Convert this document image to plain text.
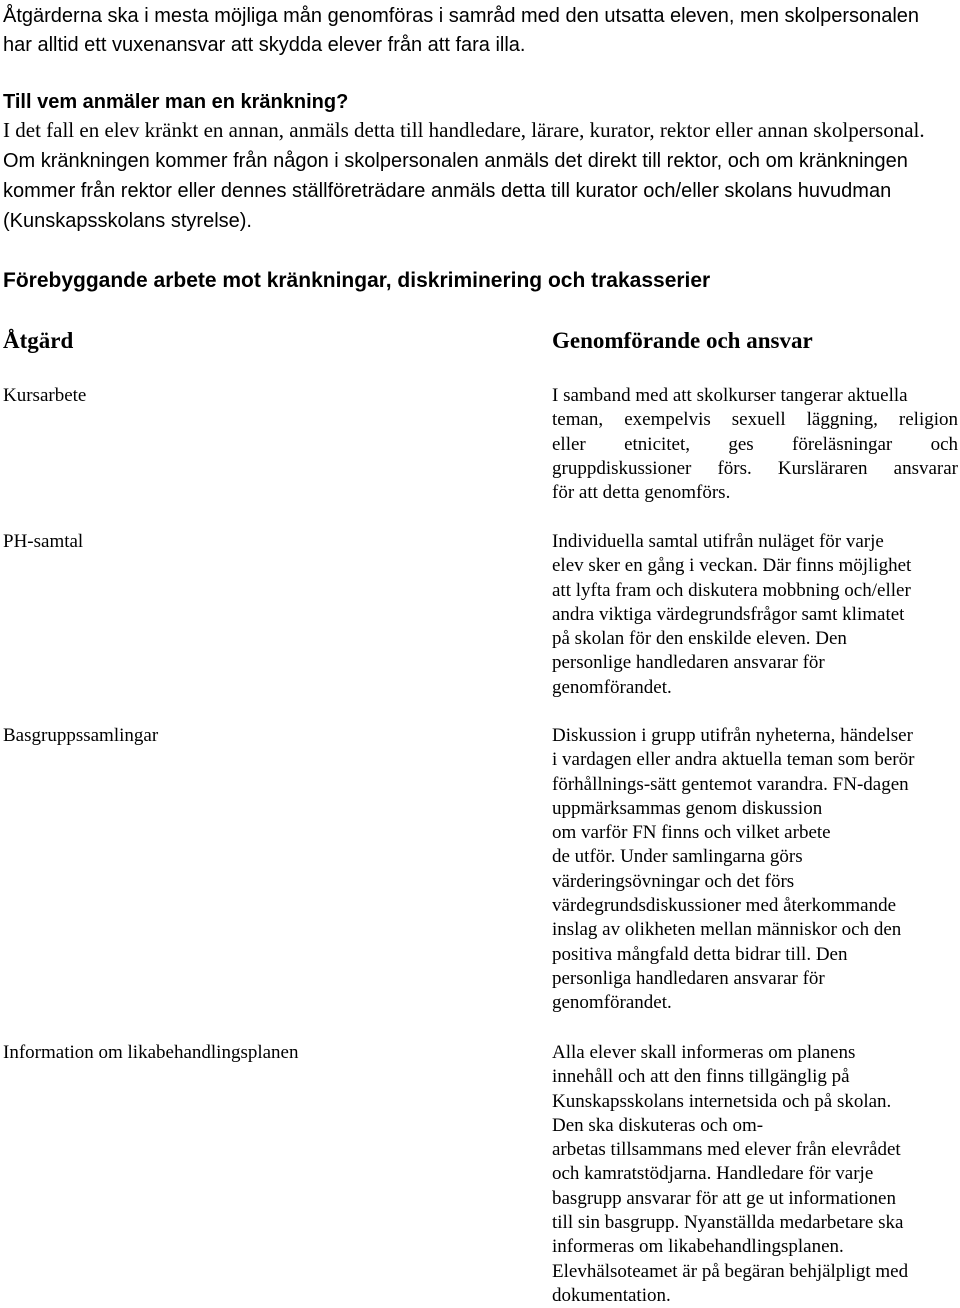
Åtgärderna ska i mesta möjliga mån genomföras i samråd med den utsatta eleven, men skolpersonalen har alltid ett vuxenansvar att skydda elever från att fara illa.

Till vem anmäler man en kränkning?

I det fall en elev kränkt en annan, anmäls detta till handledare, lärare, kurator, rektor eller annan skolpersonal. Om kränkningen kommer från någon i skolpersonalen anmäls det direkt till rektor, och om kränkningen kommer från rektor eller dennes ställföreträdare anmäls detta till kurator och/eller skolans huvudman (Kunskapsskolans styrelse).

Förebyggande arbete mot kränkningar, diskriminering och trakasserier

Åtgärd	Genomförande och ansvar

Kursarbete	I samband med att skolkurser tangerar aktuella
teman, exempelvis sexuell läggning, religion
eller etnicitet, ges föreläsningar och
gruppdiskussioner förs. Kursläraren ansvarar
för att detta genomförs.

PH-samtal	Individuella samtal utifrån nuläget för varje
elev sker en gång i veckan. Där finns möjlighet
att lyfta fram och diskutera mobbning och/eller
andra viktiga värdegrundsfrågor samt klimatet
på skolan för den enskilde eleven. Den
personlige handledaren ansvarar för
genomförandet.

Basgruppssamlingar	Diskussion i grupp utifrån nyheterna, händelser
i vardagen eller andra aktuella teman som berör
förhållnings-sätt gentemot varandra. FN-dagen
uppmärksammas genom diskussion
om varför FN finns och vilket arbete
de utför. Under samlingarna görs
värderingsövningar och det förs
värdegrundsdiskussioner med återkommande
inslag av olikheten mellan människor och den
positiva mångfald detta bidrar till. Den
personliga handledaren ansvarar för
genomförandet.

Information om likabehandlingsplanen	Alla elever skall informeras om planens
innehåll och att den finns tillgänglig på
Kunskapsskolans internetsida och på skolan.
Den ska diskuteras och om-
arbetas tillsammans med elever från elevrådet
och kamratstödjarna. Handledare för varje
basgrupp ansvarar för att ge ut informationen
till sin basgrupp. Nyanställda medarbetare ska
informeras om likabehandlingsplanen.
Elevhälsoteamet är på begäran behjälpligt med
dokumentation.
